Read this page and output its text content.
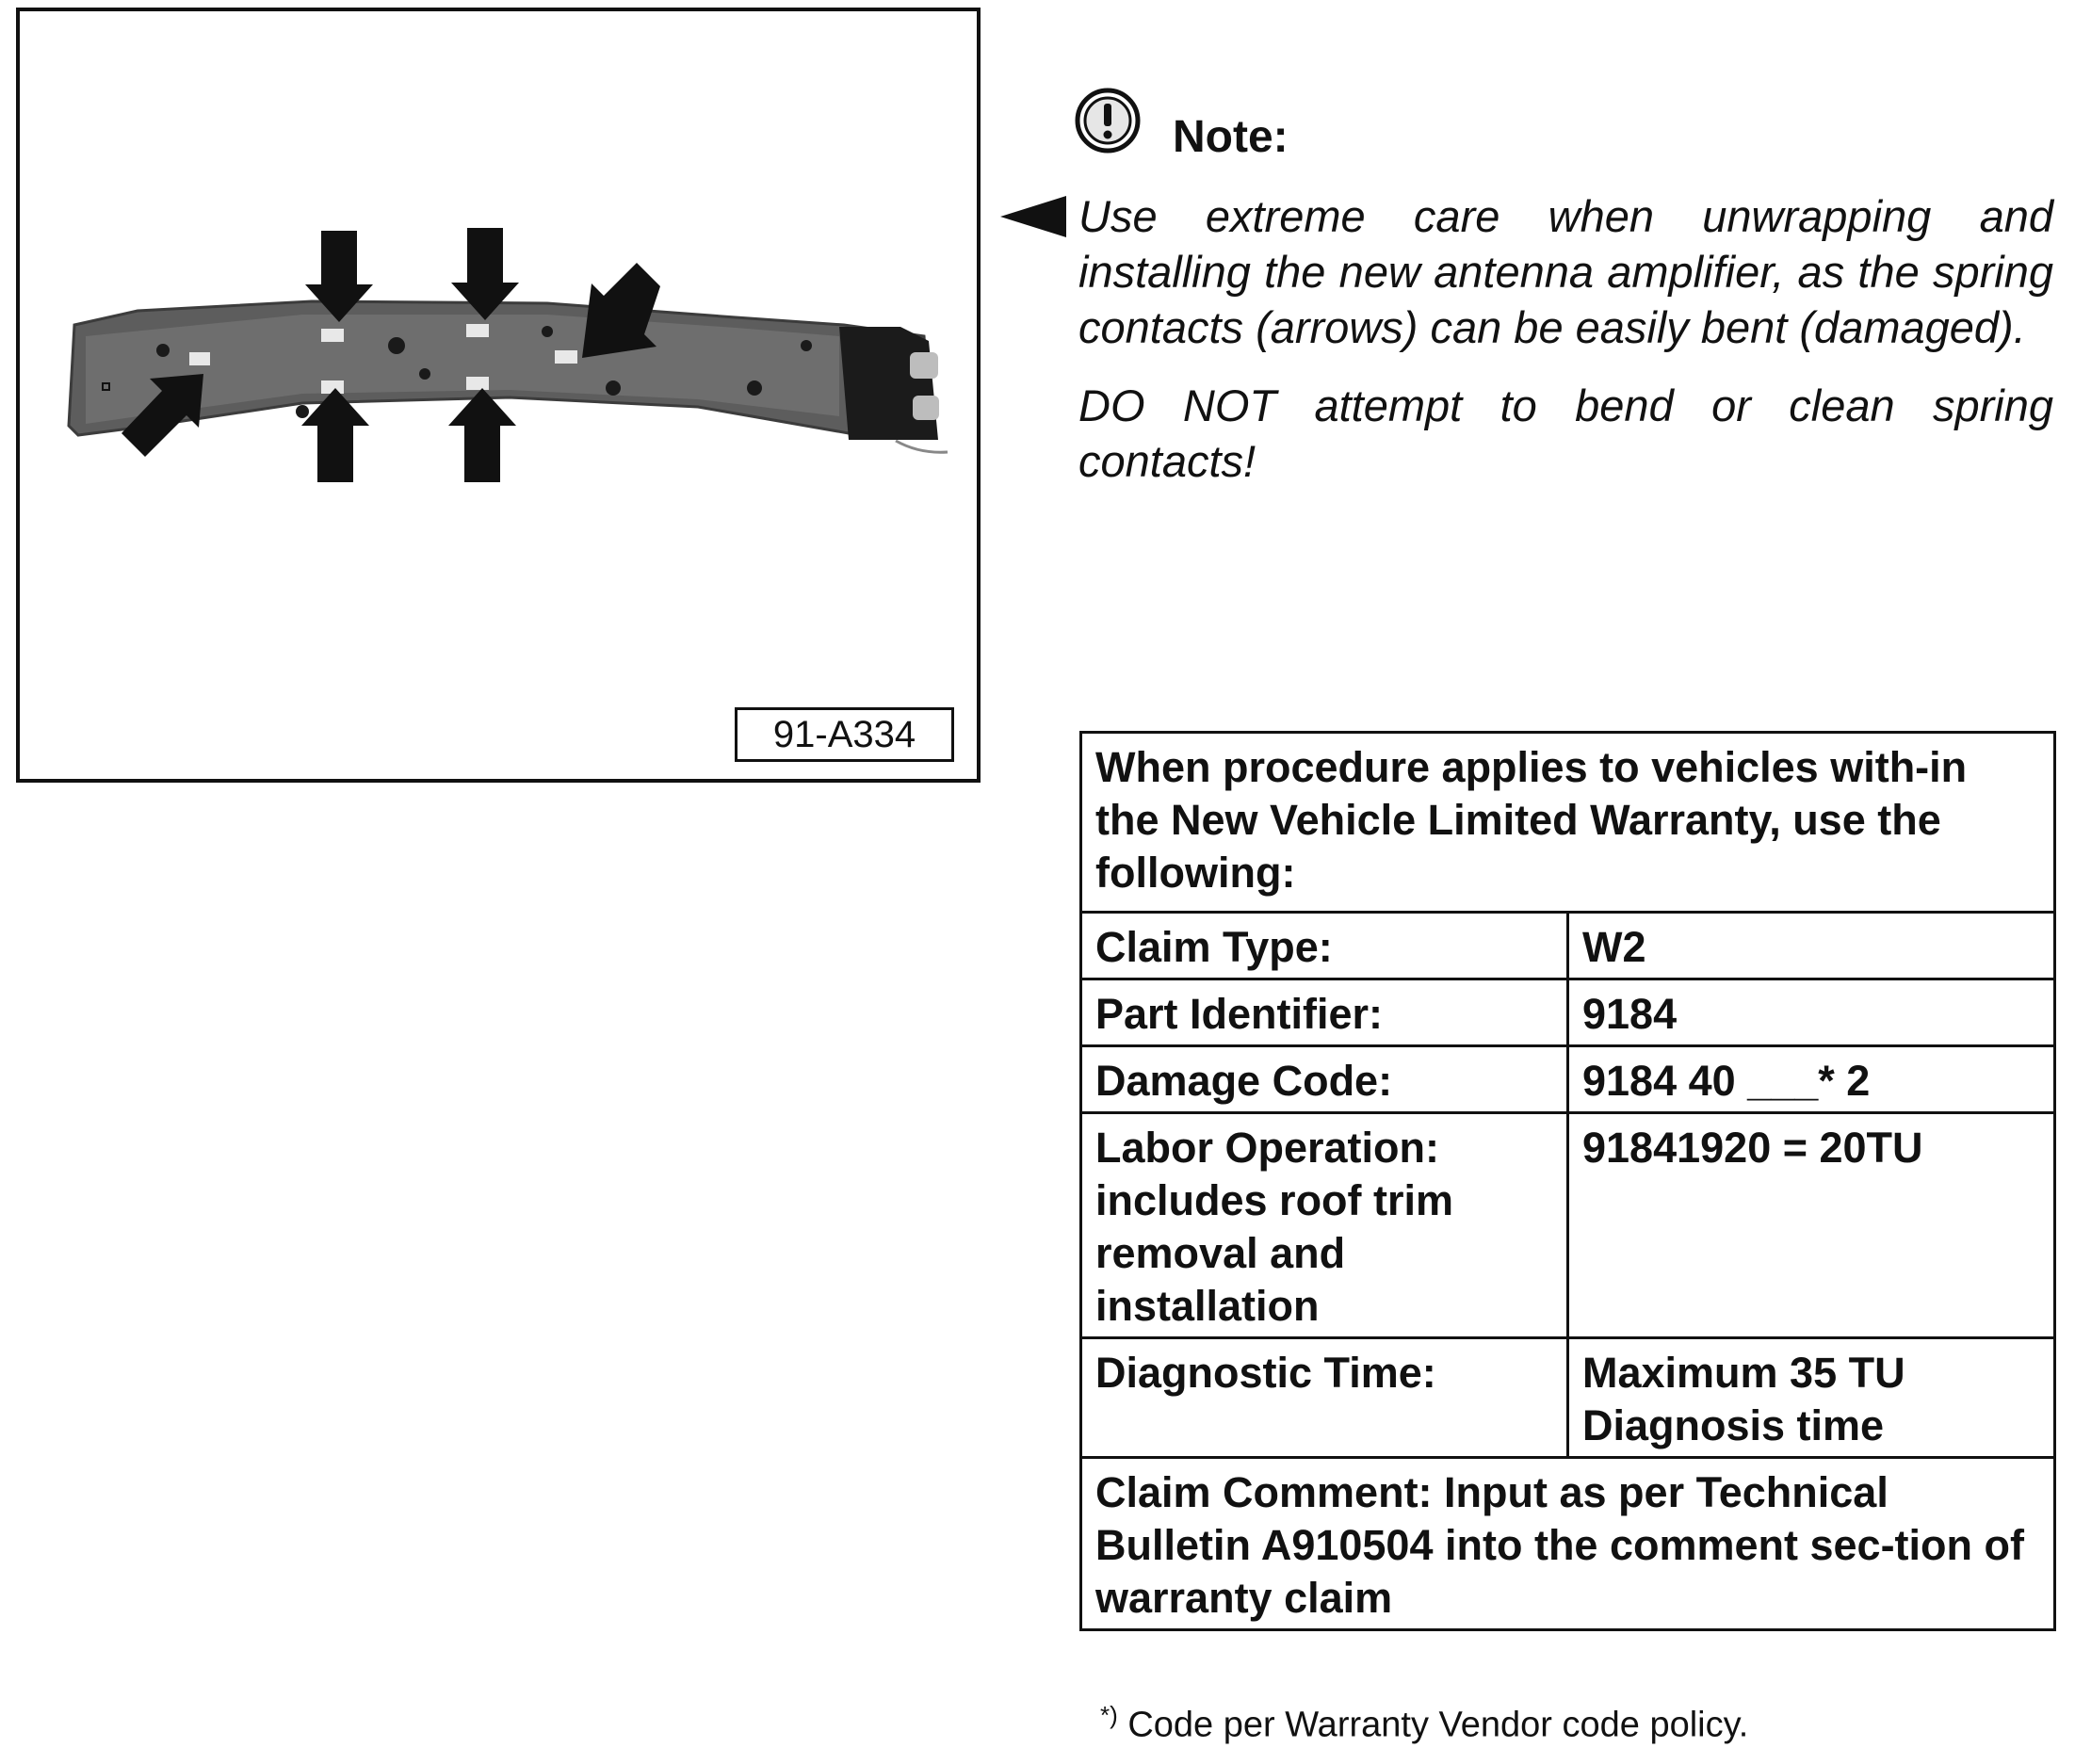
91-A334
Note:

Use extreme care when unwrapping and installing the new antenna amplifier, as the spring contacts (arrows) can be easily bent (damaged).

DO NOT attempt to bend or clean spring contacts!

When procedure applies to vehicles with-in the New Vehicle Limited Warranty, use the following:	
Claim Type:	W2
Part Identifier:	9184
Damage Code:	9184 40 ___* 2
Labor Operation: includes roof trim removal and installation	91841920 = 20TU
Diagnostic Time:	Maximum 35 TU Diagnosis time
Claim Comment: Input as per Technical Bulletin A910504 into the comment sec-tion of warranty claim	
*) Code per Warranty Vendor code policy.
